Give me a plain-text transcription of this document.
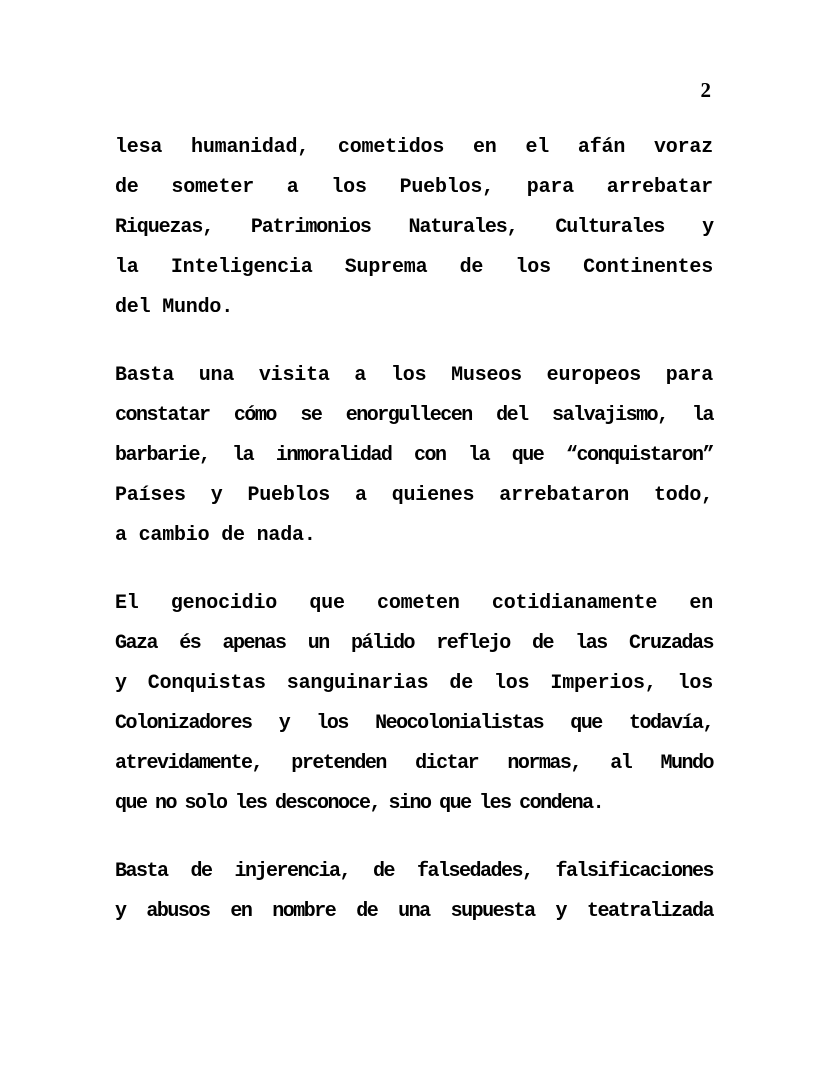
2
lesa humanidad, cometidos en el afán voraz
de someter a los Pueblos, para arrebatar
Riquezas, Patrimonios Naturales, Culturales y
la Inteligencia Suprema de los Continentes
del Mundo.
Basta una visita a los Museos europeos para
constatar cómo se enorgullecen del salvajismo, la
barbarie, la inmoralidad con la que “conquistaron”
Países y Pueblos a quienes arrebataron todo,
a cambio de nada.
El genocidio que cometen cotidianamente en
Gaza és apenas un pálido reflejo de las Cruzadas
y Conquistas sanguinarias de los Imperios, los
Colonizadores y los Neocolonialistas que todavía,
atrevidamente, pretenden dictar normas, al Mundo
que no solo les desconoce, sino que les condena.
Basta de injerencia, de falsedades, falsificaciones
y abusos en nombre de una supuesta y teatralizada
